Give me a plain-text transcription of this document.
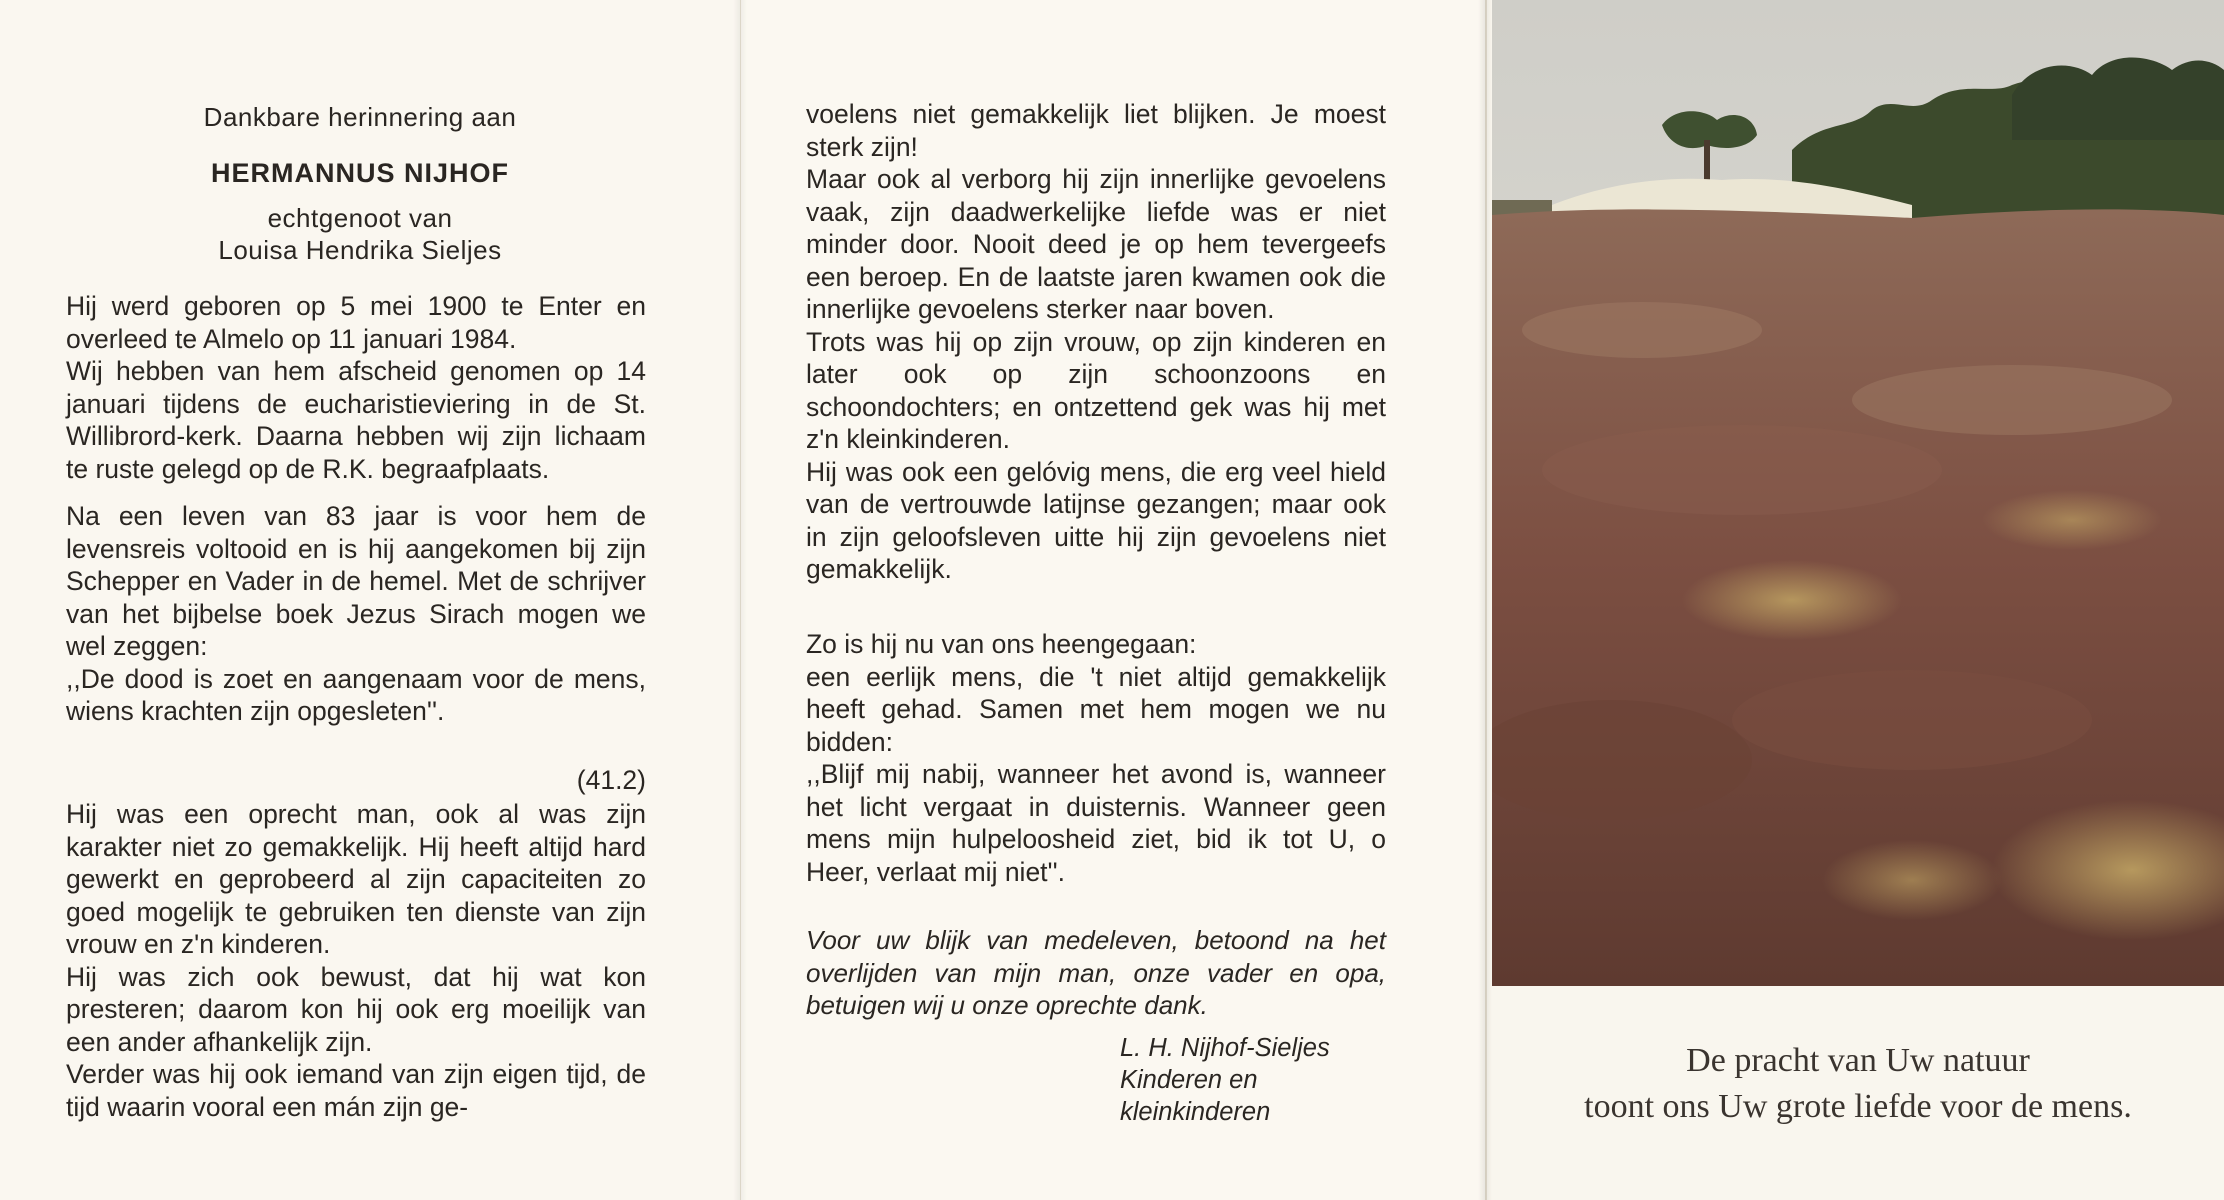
Dankbare herinnering aan
HERMANNUS NIJHOF
echtgenoot van
Louisa Hendrika Sieljes

Hij werd geboren op 5 mei 1900 te Enter en overleed te Almelo op 11 januari 1984.
Wij hebben van hem afscheid genomen op 14 januari tijdens de eucharistieviering in de St. Willibrord-kerk. Daarna hebben wij zijn lichaam te ruste gelegd op de R.K. begraafplaats.

Na een leven van 83 jaar is voor hem de levensreis voltooid en is hij aangekomen bij zijn Schepper en Vader in de hemel. Met de schrijver van het bijbelse boek Jezus Sirach mogen we wel zeggen:
,,De dood is zoet en aangenaam voor de mens, wiens krachten zijn opgesleten''.

(41.2)

Hij was een oprecht man, ook al was zijn karakter niet zo gemakkelijk. Hij heeft altijd hard gewerkt en geprobeerd al zijn capaciteiten zo goed mogelijk te gebruiken ten dienste van zijn vrouw en z'n kinderen.
Hij was zich ook bewust, dat hij wat kon presteren; daarom kon hij ook erg moeilijk van een ander afhankelijk zijn.
Verder was hij ook iemand van zijn eigen tijd, de tijd waarin vooral een mán zijn ge-

voelens niet gemakkelijk liet blijken. Je moest sterk zijn!
Maar ook al verborg hij zijn innerlijke gevoelens vaak, zijn daadwerkelijke liefde was er niet minder door. Nooit deed je op hem tevergeefs een beroep. En de laatste jaren kwamen ook die innerlijke gevoelens sterker naar boven.
Trots was hij op zijn vrouw, op zijn kinderen en later ook op zijn schoonzoons en schoondochters; en ontzettend gek was hij met z'n kleinkinderen.
Hij was ook een gelóvig mens, die erg veel hield van de vertrouwde latijnse gezangen; maar ook in zijn geloofsleven uitte hij zijn gevoelens niet gemakkelijk.

Zo is hij nu van ons heengegaan:
een eerlijk mens, die 't niet altijd gemakkelijk heeft gehad. Samen met hem mogen we nu bidden:
,,Blijf mij nabij, wanneer het avond is, wanneer het licht vergaat in duisternis. Wanneer geen mens mijn hulpeloosheid ziet, bid ik tot U, o Heer, verlaat mij niet''.

Voor uw blijk van medeleven, betoond na het overlijden van mijn man, onze vader en opa, betuigen wij u onze oprechte dank.

L. H. Nijhof-Sieljes
Kinderen en
kleinkinderen

De pracht van Uw natuur
toont ons Uw grote liefde voor de mens.
